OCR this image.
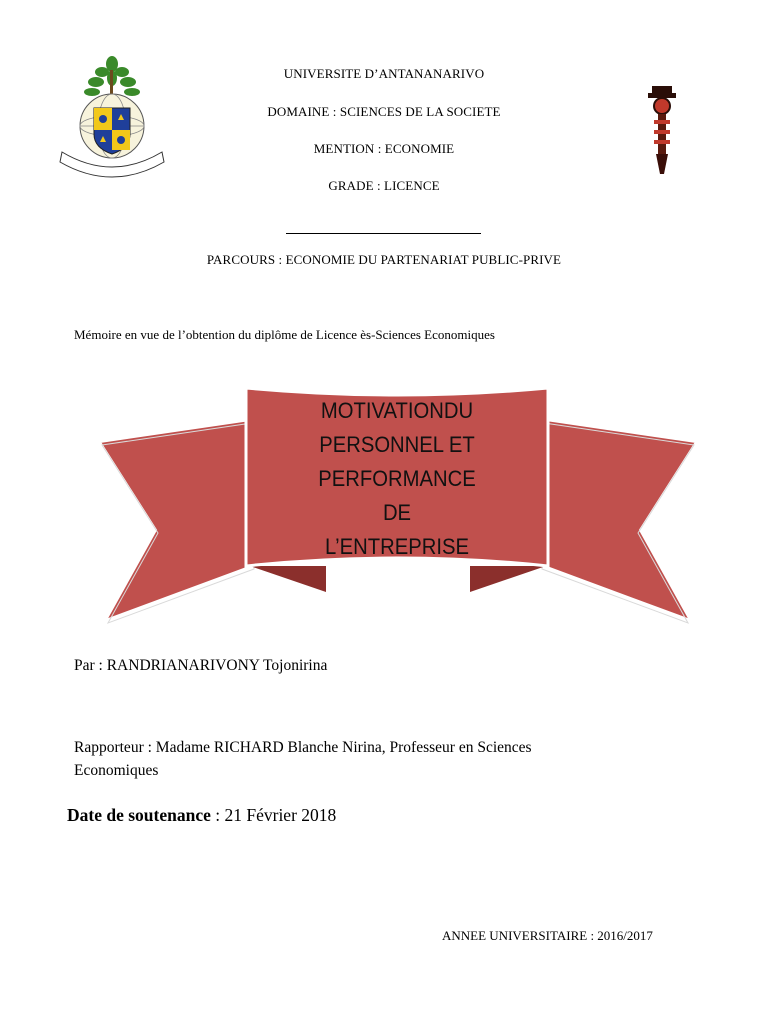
UNIVERSITE D’ANTANANARIVO
DOMAINE : SCIENCES DE LA SOCIETE
MENTION : ECONOMIE
GRADE : LICENCE
PARCOURS : ECONOMIE DU PARTENARIAT PUBLIC-PRIVE
Mémoire en vue de l’obtention du diplôme de Licence ès-Sciences Economiques
MOTIVATIONDU
PERSONNEL ET
PERFORMANCE
DE
L’ENTREPRISE
Par : RANDRIANARIVONY Tojonirina
Rapporteur : Madame RICHARD Blanche Nirina, Professeur en Sciences
Economiques
Date de soutenance : 21 Février 2018
ANNEE UNIVERSITAIRE : 2016/2017
